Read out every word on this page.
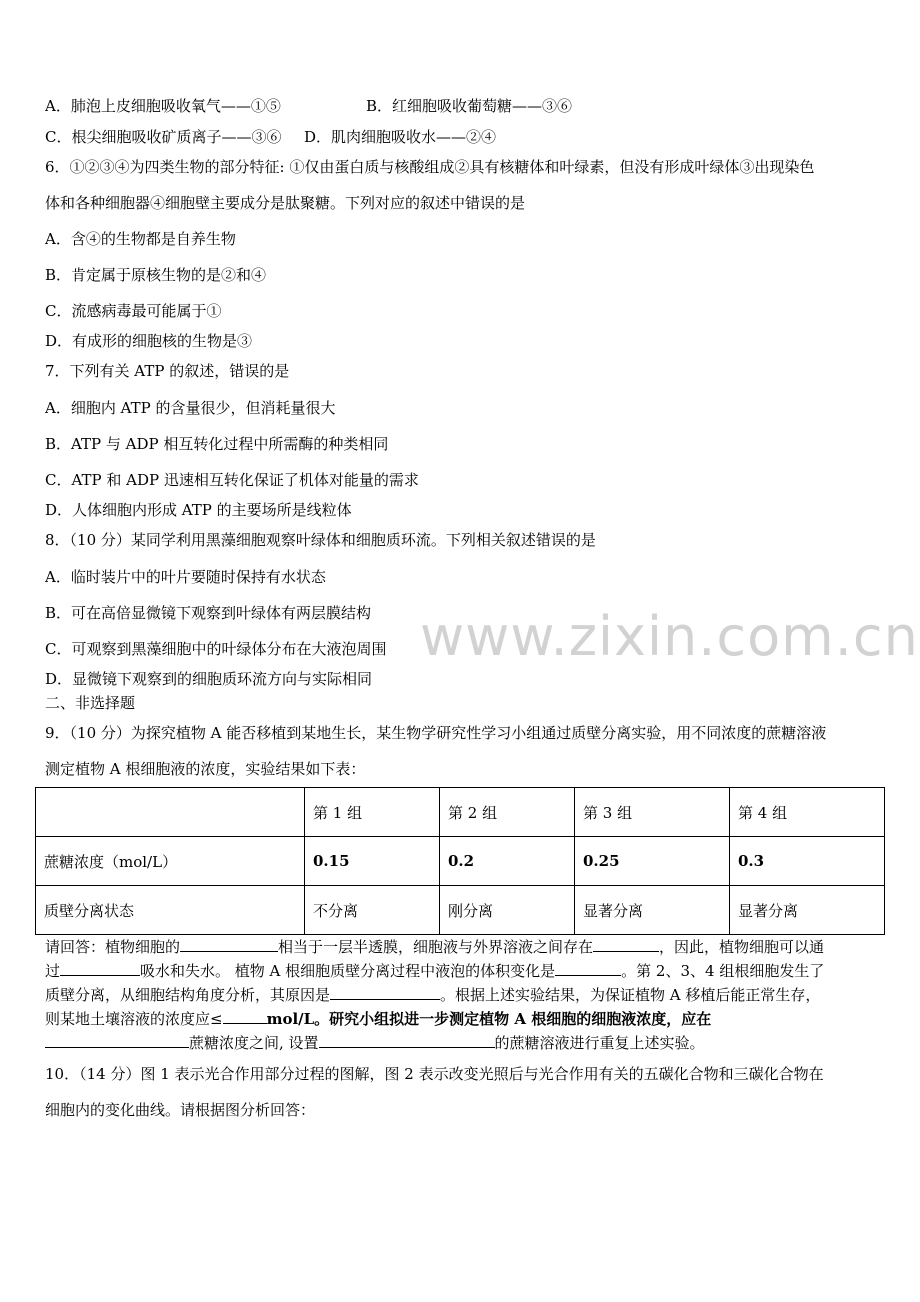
www.zixin.com.cn
A．肺泡上皮细胞吸收氧气——①⑤	B．红细胞吸收葡萄糖——③⑥
C．根尖细胞吸收矿质离子——③⑥ D．肌肉细胞吸收水——②④
6．①②③④为四类生物的部分特征: ①仅由蛋白质与核酸组成②具有核糖体和叶绿素，但没有形成叶绿体③出现染色
体和各种细胞器④细胞壁主要成分是肽聚糖。下列对应的叙述中错误的是
A．含④的生物都是自养生物
B．肯定属于原核生物的是②和④
C．流感病毒最可能属于①
D．有成形的细胞核的生物是③
7．下列有关 ATP 的叙述，错误的是
A．细胞内 ATP 的含量很少，但消耗量很大
B．ATP 与 ADP 相互转化过程中所需酶的种类相同
C．ATP 和 ADP 迅速相互转化保证了机体对能量的需求
D．人体细胞内形成 ATP 的主要场所是线粒体
8．（10 分）某同学利用黑藻细胞观察叶绿体和细胞质环流。下列相关叙述错误的是
A．临时装片中的叶片要随时保持有水状态
B．可在高倍显微镜下观察到叶绿体有两层膜结构
C．可观察到黑藻细胞中的叶绿体分布在大液泡周围
D．显微镜下观察到的细胞质环流方向与实际相同
二、非选择题
9．（10 分）为探究植物 A 能否移植到某地生长，某生物学研究性学习小组通过质壁分离实验，用不同浓度的蔗糖溶液
测定植物 A 根细胞液的浓度，实验结果如下表：
	第 1 组	第 2 组	第 3 组	第 4 组
蔗糖浓度（mol/L）	0.15	0.2	0.25	0.3
质壁分离状态	不分离	刚分离	显著分离	显著分离
请回答：植物细胞的	相当于一层半透膜，细胞液与外界溶液之间存在	，因此，植物细胞可以通
过	吸水和失水。 植物 A 根细胞质壁分离过程中液泡的体积变化是	。第 2、3、4 组根细胞发生了
质壁分离，从细胞结构角度分析，其原因是	。根据上述实验结果，为保证植物 A 移植后能正常生存，
则某地土壤溶液的浓度应≤	mol/L。研究小组拟进一步测定植物 A 根细胞的细胞液浓度，应在
蔗糖浓度之间, 设置	的蔗糖溶液进行重复上述实验。
10．（14 分）图 1 表示光合作用部分过程的图解，图 2 表示改变光照后与光合作用有关的五碳化合物和三碳化合物在
细胞内的变化曲线。请根据图分析回答：
